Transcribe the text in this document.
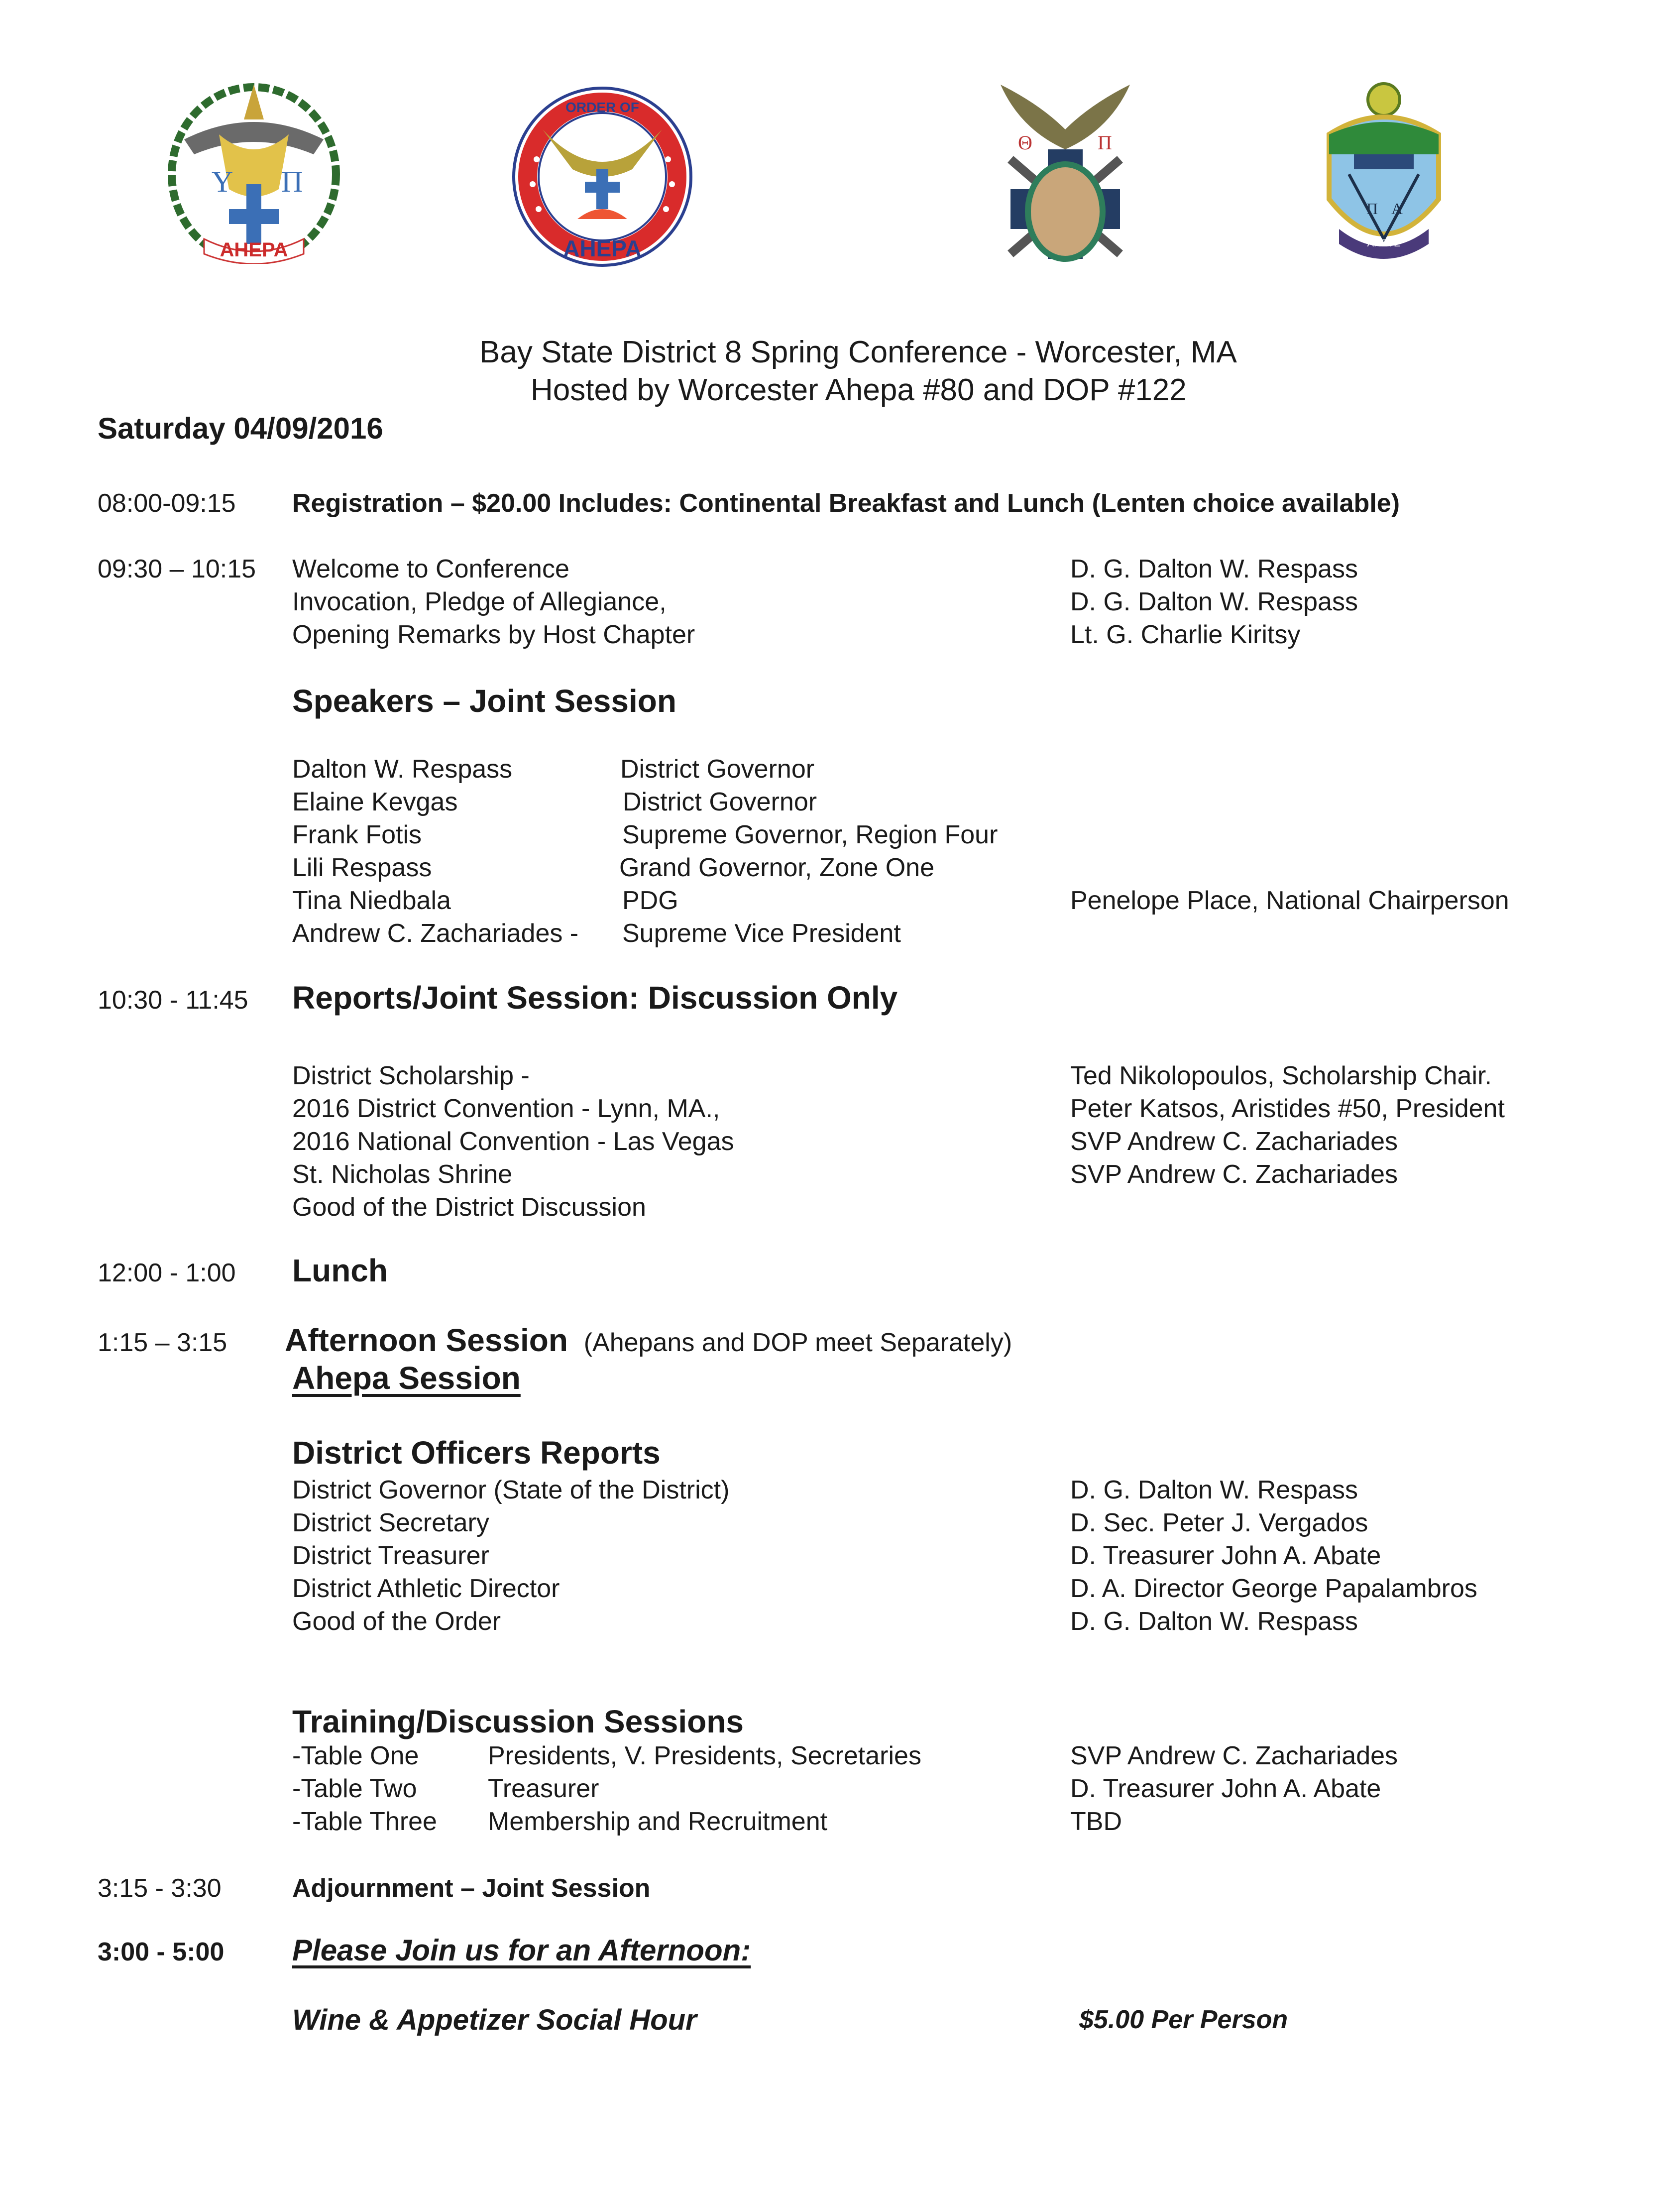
Y Π
AHEPA
ORDER OF
AHEPA
Θ	Π
Π Α
ARETE
Bay State District 8 Spring Conference - Worcester, MA
Hosted by Worcester Ahepa #80 and DOP #122
Saturday 04/09/2016
08:00-09:15 Registration – $20.00 Includes: Continental Breakfast and Lunch (Lenten choice available)
09:30 – 10:15 Welcome to Conference	D. G. Dalton W. Respass
Invocation, Pledge of Allegiance,	D. G. Dalton W. Respass
Opening Remarks by Host Chapter	Lt. G. Charlie Kiritsy
Speakers – Joint Session
Dalton W. Respass	District Governor
Elaine Kevgas	District Governor
Frank Fotis	Supreme Governor, Region Four
Lili Respass	Grand Governor, Zone One
Tina Niedbala	PDG	Penelope Place, National Chairperson
Andrew C. Zachariades - Supreme Vice President
10:30 - 11:45 Reports/Joint Session: Discussion Only
District Scholarship -	Ted Nikolopoulos, Scholarship Chair.
2016 District Convention - Lynn, MA.,	Peter Katsos, Aristides #50, President
2016 National Convention - Las Vegas	SVP Andrew C. Zachariades
St. Nicholas Shrine	SVP Andrew C. Zachariades
Good of the District Discussion
12:00 - 1:00 Lunch
1:15 – 3:15 Afternoon Session (Ahepans and DOP meet Separately)
Ahepa Session
District Officers Reports
District Governor (State of the District)	D. G. Dalton W. Respass
District Secretary	D. Sec. Peter J. Vergados
District Treasurer	D. Treasurer John A. Abate
District Athletic Director	D. A. Director George Papalambros
Good of the Order	D. G. Dalton W. Respass
Training/Discussion Sessions
-Table One	Presidents, V. Presidents, Secretaries	SVP Andrew C. Zachariades
-Table Two	Treasurer	D. Treasurer John A. Abate
-Table Three Membership and Recruitment	TBD
3:15 - 3:30	Adjournment – Joint Session
3:00 - 5:00 Please Join us for an Afternoon:
Wine & Appetizer Social Hour	$5.00 Per Person
